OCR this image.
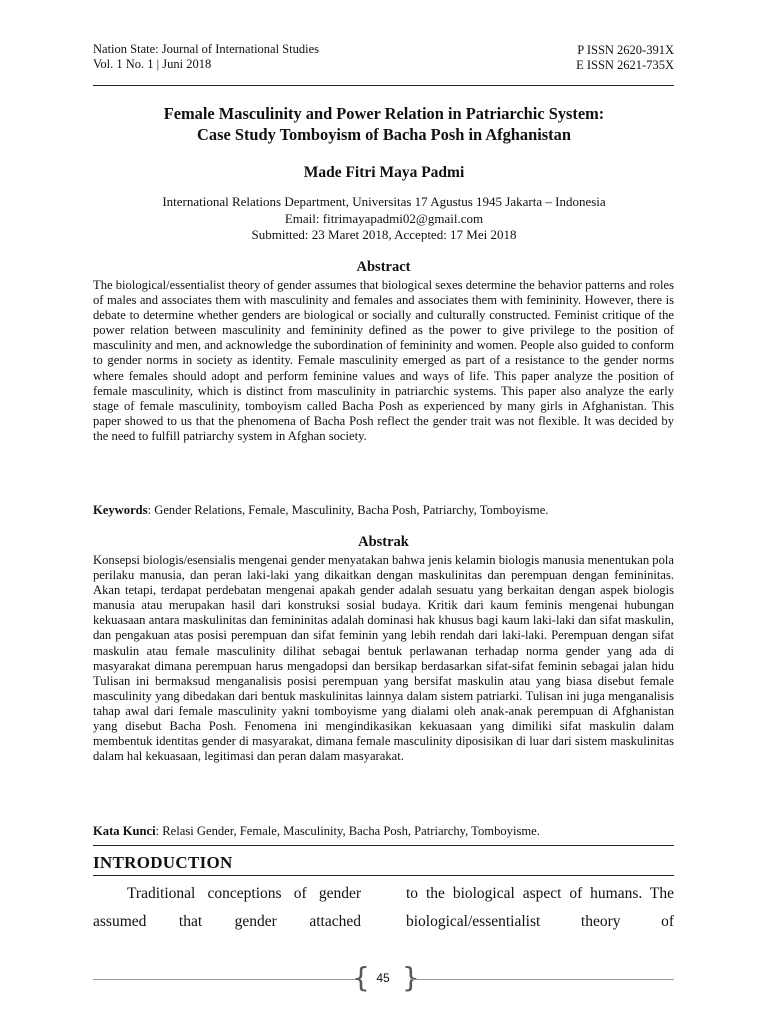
Nation State: Journal of International Studies
Vol. 1 No. 1 | Juni 2018
P ISSN 2620-391X
E ISSN 2621-735X
Female Masculinity and Power Relation in Patriarchic System:
Case Study Tomboyism of Bacha Posh in Afghanistan
Made Fitri Maya Padmi
International Relations Department, Universitas 17 Agustus 1945 Jakarta – Indonesia
Email: fitrimayapadmi02@gmail.com
Submitted: 23 Maret 2018, Accepted: 17 Mei 2018
Abstract
The biological/essentialist theory of gender assumes that biological sexes determine the behavior patterns and roles of males and associates them with masculinity and females and associates them with femininity. However, there is debate to determine whether genders are biological or socially and culturally constructed. Feminist critique of the power relation between masculinity and femininity defined as the power to give privilege to the position of masculinity and men, and acknowledge the subordination of femininity and women. People also guided to conform to gender norms in society as identity. Female masculinity emerged as part of a resistance to the gender norms where females should adopt and perform feminine values and ways of life. This paper analyze the position of female masculinity, which is distinct from masculinity in patriarchic systems. This paper also analyze the early stage of female masculinity, tomboyism called Bacha Posh as experienced by many girls in Afghanistan. This paper showed to us that the phenomena of Bacha Posh reflect the gender trait was not flexible. It was decided by the need to fulfill patriarchy system in Afghan society.
Keywords: Gender Relations, Female, Masculinity, Bacha Posh, Patriarchy, Tomboyisme.
Abstrak
Konsepsi biologis/esensialis mengenai gender menyatakan bahwa jenis kelamin biologis manusia menentukan pola perilaku manusia, dan peran laki-laki yang dikaitkan dengan maskulinitas dan perempuan dengan femininitas. Akan tetapi, terdapat perdebatan mengenai apakah gender adalah sesuatu yang berkaitan dengan aspek biologis manusia atau merupakan hasil dari konstruksi sosial budaya. Kritik dari kaum feminis mengenai hubungan kekuasaan antara maskulinitas dan femininitas adalah dominasi hak khusus bagi kaum laki-laki dan sifat maskulin, dan pengakuan atas posisi perempuan dan sifat feminin yang lebih rendah dari laki-laki. Perempuan dengan sifat maskulin atau female masculinity dilihat sebagai bentuk perlawanan terhadap norma gender yang ada di masyarakat dimana perempuan harus mengadopsi dan bersikap berdasarkan sifat-sifat feminin sebagai jalan hidu Tulisan ini bermaksud menganalisis posisi perempuan yang bersifat maskulin atau yang biasa disebut female masculinity yang dibedakan dari bentuk maskulinitas lainnya dalam sistem patriarki. Tulisan ini juga menganalisis tahap awal dari female masculinity yakni tomboyisme yang dialami oleh anak-anak perempuan di Afghanistan yang disebut Bacha Posh. Fenomena ini mengindikasikan kekuasaan yang dimiliki sifat maskulin dalam membentuk identitas gender di masyarakat, dimana female masculinity diposisikan di luar dari sistem maskulinitas dalam hal kekuasaan, legitimasi dan peran dalam masyarakat.
Kata Kunci: Relasi Gender, Female, Masculinity, Bacha Posh, Patriarchy, Tomboyisme.
INTRODUCTION
Traditional conceptions of gender assumed that gender attached
to the biological aspect of humans. The biological/essentialist theory of
{ 45 }
